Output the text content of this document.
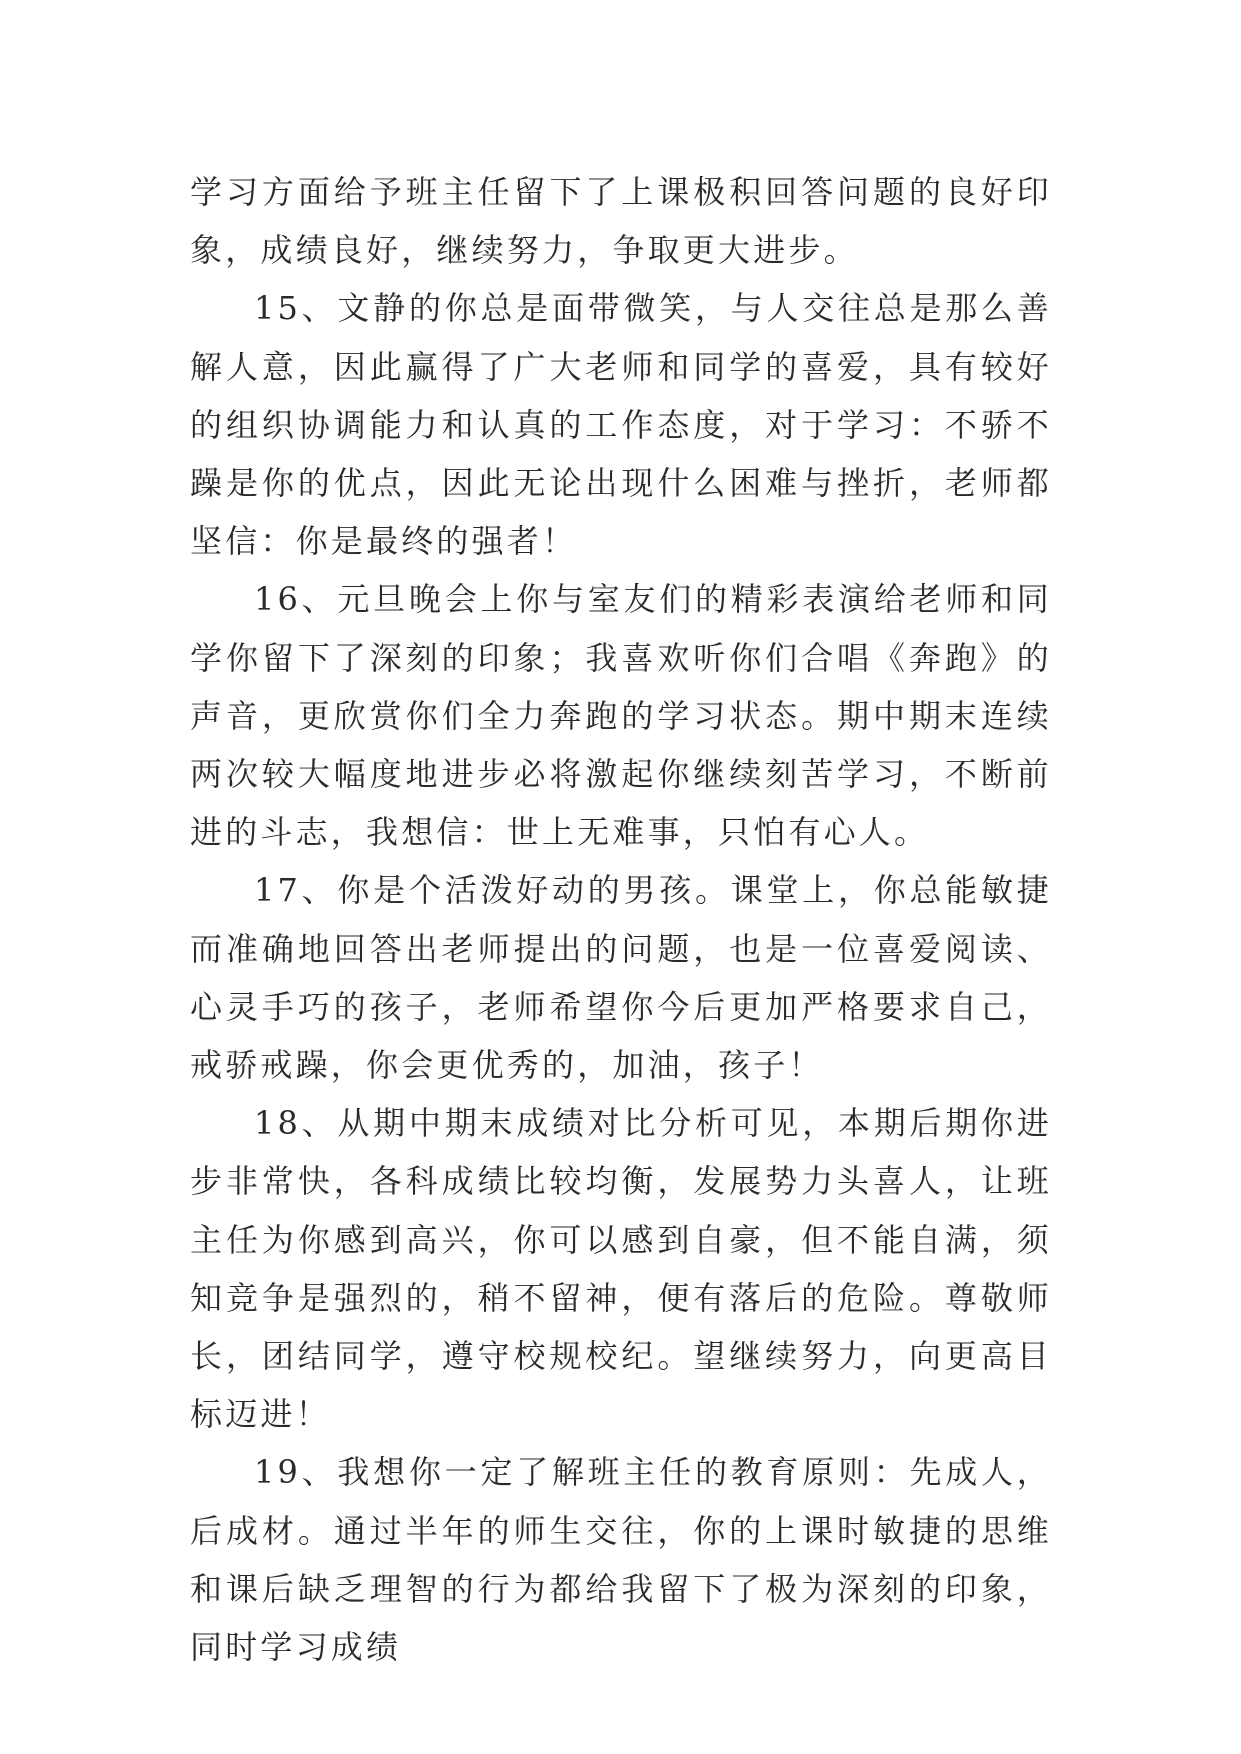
学习方面给予班主任留下了上课极积回答问题的良好印象，成绩良好，继续努力，争取更大进步。

15、文静的你总是面带微笑，与人交往总是那么善解人意，因此赢得了广大老师和同学的喜爱，具有较好的组织协调能力和认真的工作态度，对于学习：不骄不躁是你的优点，因此无论出现什么困难与挫折，老师都坚信：你是最终的强者！

16、元旦晚会上你与室友们的精彩表演给老师和同学你留下了深刻的印象；我喜欢听你们合唱《奔跑》的声音，更欣赏你们全力奔跑的学习状态。期中期末连续两次较大幅度地进步必将激起你继续刻苦学习，不断前进的斗志，我想信：世上无难事，只怕有心人。

17、你是个活泼好动的男孩。课堂上，你总能敏捷而准确地回答出老师提出的问题，也是一位喜爱阅读、心灵手巧的孩子，老师希望你今后更加严格要求自己，戒骄戒躁，你会更优秀的，加油，孩子！

18、从期中期末成绩对比分析可见，本期后期你进步非常快，各科成绩比较均衡，发展势力头喜人，让班主任为你感到高兴，你可以感到自豪，但不能自满，须知竞争是强烈的，稍不留神，便有落后的危险。尊敬师长，团结同学，遵守校规校纪。望继续努力，向更高目标迈进！

19、我想你一定了解班主任的教育原则：先成人，后成材。通过半年的师生交往，你的上课时敏捷的思维和课后缺乏理智的行为都给我留下了极为深刻的印象，同时学习成绩
